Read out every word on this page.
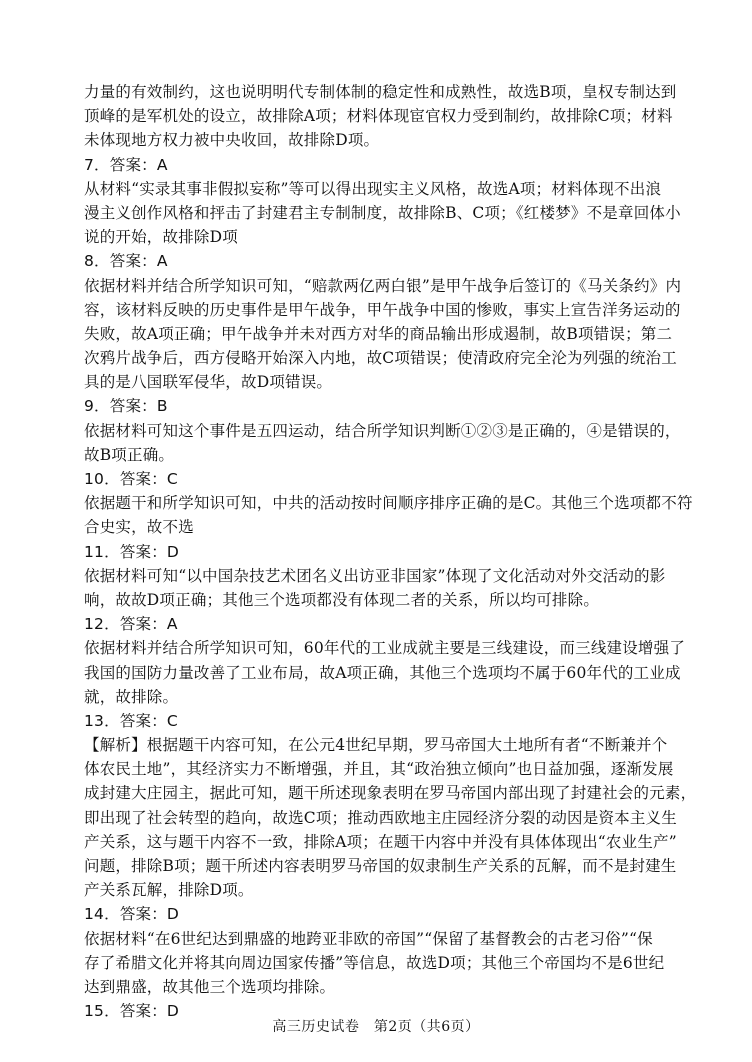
力量的有效制约，这也说明明代专制体制的稳定性和成熟性，故选B项，皇权专制达到
顶峰的是军机处的设立，故排除A项；材料体现宦官权力受到制约，故排除C项；材料
未体现地方权力被中央收回，故排除D项。
7．答案：A
从材料“实录其事非假拟妄称”等可以得出现实主义风格，故选A项；材料体现不出浪
漫主义创作风格和抨击了封建君主专制制度，故排除B、C项；《红楼梦》不是章回体小
说的开始，故排除D项
8．答案：A
依据材料并结合所学知识可知，“赔款两亿两白银”是甲午战争后签订的《马关条约》内
容，该材料反映的历史事件是甲午战争，甲午战争中国的惨败，事实上宣告洋务运动的
失败，故A项正确；甲午战争并未对西方对华的商品输出形成遏制，故B项错误；第二
次鸦片战争后，西方侵略开始深入内地，故C项错误；使清政府完全沦为列强的统治工
具的是八国联军侵华，故D项错误。
9．答案：B
依据材料可知这个事件是五四运动，结合所学知识判断①②③是正确的，④是错误的，
故B项正确。
10．答案：C
依据题干和所学知识可知，中共的活动按时间顺序排序正确的是C。其他三个选项都不符
合史实，故不选
11．答案：D
依据材料可知“以中国杂技艺术团名义出访亚非国家”体现了文化活动对外交活动的影
响，故故D项正确；其他三个选项都没有体现二者的关系，所以均可排除。
12．答案：A
依据材料并结合所学知识可知，60年代的工业成就主要是三线建设，而三线建设增强了
我国的国防力量改善了工业布局，故A项正确，其他三个选项均不属于60年代的工业成
就，故排除。
13．答案：C
【解析】根据题干内容可知，在公元4世纪早期，罗马帝国大土地所有者“不断兼并个
体农民土地”，其经济实力不断增强，并且，其“政治独立倾向”也日益加强，逐渐发展
成封建大庄园主，据此可知，题干所述现象表明在罗马帝国内部出现了封建社会的元素，
即出现了社会转型的趋向，故选C项；推动西欧地主庄园经济分裂的动因是资本主义生
产关系，这与题干内容不一致，排除A项；在题干内容中并没有具体体现出“农业生产”
问题，排除B项；题干所述内容表明罗马帝国的奴隶制生产关系的瓦解，而不是封建生
产关系瓦解，排除D项。
14．答案：D
依据材料“在6世纪达到鼎盛的地跨亚非欧的帝国”“保留了基督教会的古老习俗”“保
存了希腊文化并将其向周边国家传播”等信息，故选D项；其他三个帝国均不是6世纪
达到鼎盛，故其他三个选项均排除。
15．答案：D
高三历史试卷　第2页（共6页）
